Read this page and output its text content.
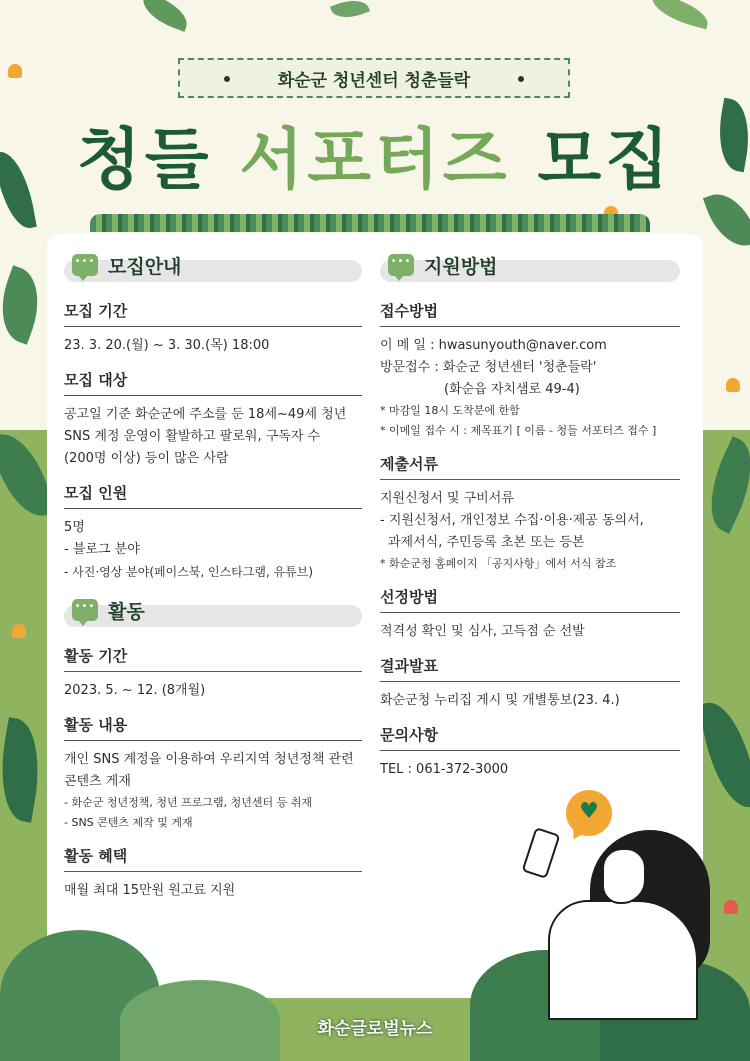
화순군 청년센터 청춘들락
청들 서포터즈 모집
••• 모집안내
모집 기간
23. 3. 20.(월) ~ 3. 30.(목) 18:00
모집 대상
공고일 기준 화순군에 주소를 둔 18세~49세 청년
SNS 계정 운영이 활발하고 팔로워, 구독자 수
(200명 이상) 등이 많은 사람
모집 인원
5명
- 블로그 분야
- 사진·영상 분야(페이스북, 인스타그램, 유튜브)
••• 활동
활동 기간
2023. 5. ~ 12. (8개월)
활동 내용
개인 SNS 계정을 이용하여 우리지역 청년정책 관련
콘텐츠 게재
- 화순군 청년정책, 청년 프로그램, 청년센터 등 취재
- SNS 콘텐츠 제작 및 게재
활동 혜택
매월 최대 15만원 원고료 지원
••• 지원방법
접수방법
이 메 일 : hwasunyouth@naver.com
방문접수 : 화순군 청년센터 '청춘들락'
(화순읍 자치샘로 49-4)
* 마감일 18시 도착분에 한함
* 이메일 접수 시 : 제목표기 [ 이름 - 청들 서포터즈 접수 ]
제출서류
지원신청서 및 구비서류
- 지원신청서, 개인정보 수집·이용·제공 동의서,
과제서식, 주민등록 초본 또는 등본
* 화순군청 홈페이지 「공지사항」에서 서식 참조
선정방법
적격성 확인 및 심사, 고득점 순 선발
결과발표
화순군청 누리집 게시 및 개별통보(23. 4.)
문의사항
TEL : 061-372-3000
♥
화순글로벌뉴스
